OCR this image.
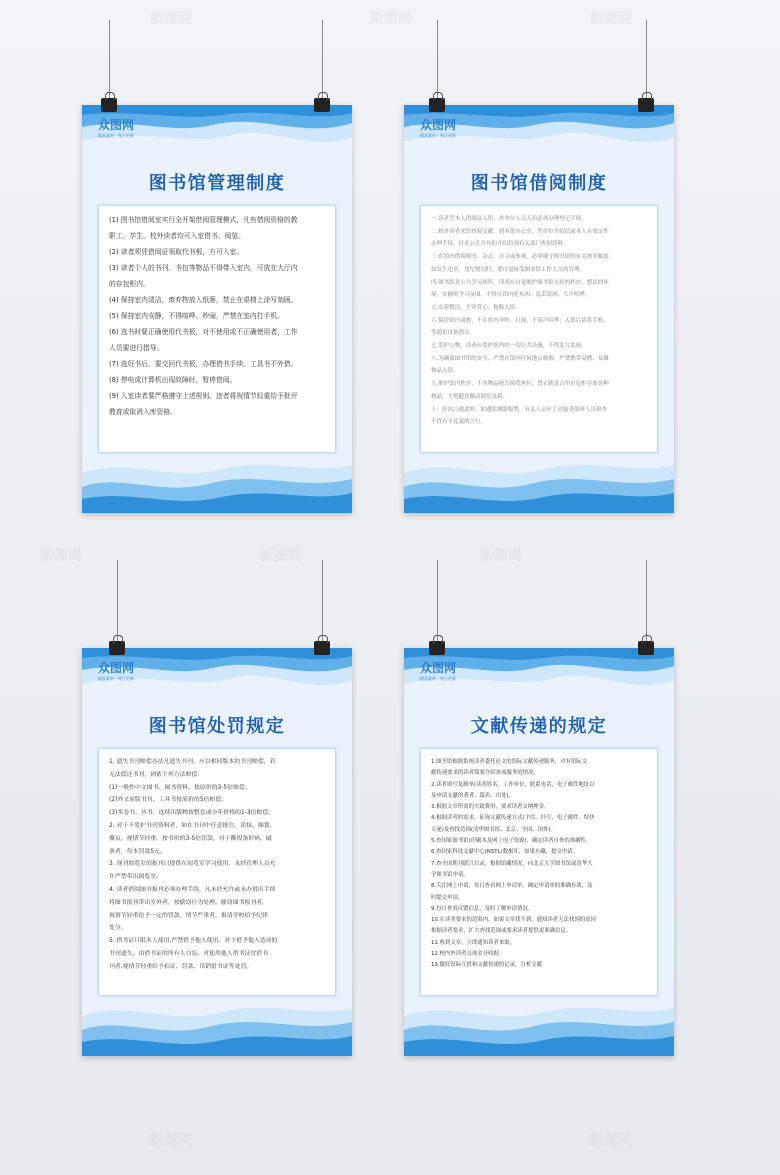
新图网	新图网	新图网
新图网	新图网	新图网
新图网	新图网
众图网
精品素材 · 每日更新
图书馆管理制度
(1) 图书馆借阅室实行全开架借阅管理模式，凡有借阅资格的教
职工、学生、校外读者均可入室借书、阅览。
(2) 读者须凭借阅证领取代书板，方可入室。
(3) 读者个人的书刊、书包等物品不得带入室内，可放在大厅内
的存包柜内。
(4) 保持室内清洁，废弃物放入纸篓，禁止在桌椅上涂写刻画。
(5) 保持室内安静，不得喧哗、吵闹，严禁在室内打手机。
(6) 选书时要正确使用代书板，对不使用或不正确使用者，工作
人员要进行指导。
(7) 选好书后，要交回代书板，办理借书手续。工具书不外借。
(8) 停电或计算机出现故障时，暂停借阅。
(9) 入室读者要严格遵守上述规则。违者将视情节轻重给予批评
教育或取消入库资格。
众图网
精品素材 · 每日更新
图书馆借阅制度
一.读者凭本人借阅证入馆，外单位人员入馆必须办理登记手续。
二.校外读者来馆查阅文献，到本馆办公室，凭单位介绍信或本人有效证件
办理手续，持办公室开具的介绍信到有关部门查阅资料。
三.在馆内借阅图书、杂志、自习或参观，必须遵守图书馆的有关规章制度。
如发生违章、违纪情况时，要自觉接受图书馆工作人员的管理。
四.图书馆是公共学习场所，读者应自觉维护图书馆良好的秩序，整洁的环
境，安静的学习氛围，不得在馆内吃东西、乱丢纸屑、大声喧哗。
五.衣着整洁，不穿背心、拖鞋入馆。
六.保持馆内肃静，不在馆内争吵、打闹、不高声喧哗；入馆后请将手机、
等通讯设备消音。
七.爱护公物，读者应爱护馆内的一切公共设施，不得乱写乱画。
八.为确保图书馆的安全，严禁在馆内任何地点吸烟，严禁携带易燃、易爆
物品入馆。
九.维护馆内秩序，不用物品抢占阅览座位，禁止随意占用存包柜存放各种
物品，不得随意挪动阅览桌椅。
十、经出口通道时，如遇监测器报警，有关人员应主动接受值班人员检查
不得有不礼貌的言行。
众图网
精品素材 · 每日更新
图书馆处罚规定
1. 遗失书刊赔偿办法凡遗失书刊，应以相同版本的书刊赔偿，若
无法偿还书刊，则依下列方法赔偿：
(1)一般性中文图书、图书资料，按原价的3-5倍赔偿；
(2)外文原版书刊、工具书按原价的5倍赔偿；
(3)多卷书、丛书、连续出版物按整套或全年价格的1-3倍赔偿。
2. 对于不爱护书刊资料者，如在书刊中任意批注、涂抹、圈划、
撕页，视情节轻重，按书价的3-5倍罚款。对于撕毁条形码、磁
条者，每本罚款5元。
3. 现刊阅览室的报刊只提供在阅览室学习使用，未经管理人员允
许严禁带出阅览室。
4. 读者借阅图书报刊必须办理手续，凡未经允许或未办借出手续
将图书报刊带出室外者，按偷窃行为处理。偷窃图书报刊者，
视情节轻重给予一定的罚款。情节严重者，报请学校给予纪律
处分。
5. 借书证只限本人使用,严禁借予他人使用。对于借予他人造成的
书刊遗失，由借书证的所有人自负。对使用他人借书证冒借书
刊者,视情节轻重给予扣证、罚款、吊销借书证等处罚。
众图网
精品素材 · 每日更新
文献传递的规定
1.图书馆根据系统读者委托论文的馆际文献传递服务，对有馆际文
献传递要求的读者简要介绍该项服务的情况。
2.读者填写复制单(读者姓名、工作单位、联系电话、电子邮件地址以
及申请文献的著者、篇名、出处)。
3.根据文章所需的大致费用，要求读者交纳押金。
4.根据读者的需求，征询文献传递方式(平信、挂号、电子邮件、特快
专递)及查找范围(清华图书馆、北京、全国、国外)。
5.查国家图书馆(印刷本及网上电子资源)，确定读者自查的准确性。
6.查国家科技文献中心(NSTL)数据库，如果有藏，提交申请。
7.查全国期刊联合目录，根据馆藏情况，向北京大学图书馆或清华大
学图书馆申请。
8.关注网上申请，每日查看网上申请单，确定申请单的准确有效，及
时提交申请。
9.每日查看反馈信息，及时了解申请情况。
10.在读者要求的范围内，如果文章找不到，通知读者无法找到的原因
根据读者要求，扩大查找范围或要求读者提供更准确信息。
11.收到文章，立即通知读者来取。
12.校内外读者交现金开收据。
13.做好馆际互借和文献传递的记录，分析文献
